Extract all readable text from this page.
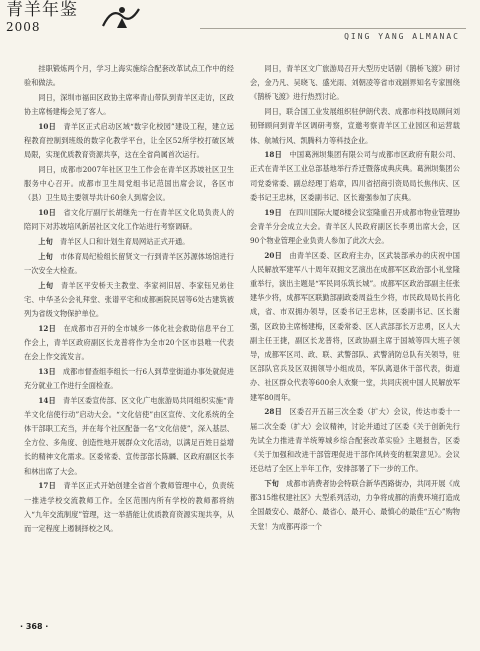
青羊年鉴
2008
QING YANG ALMANAC

挂职锻炼两个月，学习上海实施综合配套改革试点工作中的经验和做法。

同日，深圳市福田区政协主席率青山带队到青羊区走访，区政协主席杨建梅会见了客人。

10日  青羊区正式启动区域“数字化校园”建设工程，建立远程教育控制到班级的数字化教学平台，让全区52所学校打破区域局限，实现优质教育资源共享，这在全省尚属首次运行。

同日，成都市2007年社区卫生工作会在青羊区苏坡社区卫生服务中心召开。成都市卫生局党组书记范国出席会议，各区市（县）卫生局主要领导共计60余人到席会议。

10日  省文化厅副厅长胡继先一行在青羊区文化局负责人的陪同下对苏坡培风新居社区文化工作站进行考察调研。

上旬  青羊区人口和计划生育局网站正式开通。

上旬  市体育局纪检组长留贤文一行到青羊区苏源体场馆进行一次安全大检查。

上旬  青羊区平安桥天主教堂、李家祠旧居、李家钰兄弟住宅、中华圣公会礼拜堂、张谱平宅和成都画院民居等6处古建筑被列为省级文物保护单位。

12日  在成都市召开的全市城乡一体化社会救助信息平台工作会上，青羊区政府副区长龙普将作为全市20个区市县唯一代表在会上作交流发言。

13日  成都市督查组李组长一行6人到草堂街道办事处就促进充分就业工作进行全面检查。

14日  青羊区委宣传部、区文化广电旅游局共同组织实施“青羊文化信使行动”启动大会。“文化信使”由区宣传、文化系统的全体干部职工充当，并在每个社区配备一名“文化信使”，深入基层、全方位、多角度、创造性地开展群众文化活动，以满足百姓日益增长的精神文化需求。区委常委、宣传部部长陈麟、区政府副区长李和林出席了大会。

17日  青羊区正式开始创建全省首个教师管理中心，负责统一推进学校交流教师工作。全区范围内所有学校的教师都将纳入“九年交流制度”管理，这一举措能让优质教育资源实现共享，从而一定程度上遏制择校之风。

同日，青羊区文广旅游局召开大型历史话剧《鹊桥飞渡》研讨会，金乃凡、吴晓飞、盛光雨、刘朝凌等省市戏剧界知名专家围绕《鹊桥飞渡》进行热烈讨论。

同日，联合国工业发展组织驻伊朗代表、成都市科技局顾问刘韧铎顾问到青羊区调研考察，宣邀考察青羊区工业园区和运营载体、航城行风、凯腾科力等科技企业。

18日  中国葛洲坝集团有限公司与成都市区政府有限公司、正式在青羊区工业总部基地举行乔迁暨落成典庆典。葛洲坝集团公司党委常委、副总经理丁焰章，四川省招商引资局局长焦伟庆、区委书记王忠林，区委副书记、区长谢强参加了庆典。

19日  在四川国际大厦8楼会议室隆重召开成都市物业管理协会青羊分会成立大会。青羊区人民政府副区长李勇出席大会，区90个物业管理企业负责人参加了此次大会。

20日  由青羊区委、区政府主办，区武装部承办的庆祝中国人民解放军建军八十周年双拥文艺演出在成都军区政治部小礼堂隆重举行，演出主题是“军民同乐筑长城”。成都军区政治部副主任张建华少将，成都军区联勤部副政委周益生少将，市民政局局长肖化成，省、市双拥办领导，区委书记王忠林，区委副书记、区长谢强，区政协主席杨建梅，区委常委、区人武部部长万忠勇，区人大副主任王捷，副区长龙普将，区政协副主席于国城等四大班子领导，成都军区司、政、联、武警部队、武警消防总队有关领导，驻区部队官兵及区双拥领导小组成员，军队离退休干部代表，街道办、社区群众代表等600余人欢聚一堂，共同庆祝中国人民解放军建军80周年。

28日  区委召开五届三次全委（扩大）会议，传达市委十一届二次全委（扩大）会议精神，讨论并通过了区委《关于创新先行先试全力推进青羊统筹城乡综合配套改革实验》主题报告，区委《关于加强和改进干部管理促进干部作风转变的框架意见》。会议还总结了全区上半年工作，安排部署了下一步的工作。

下旬  成都市消费者协会特联合新华西路街办，共同开展《成都315维权建社区》大型系列活动，力争将成都的消费环境打造成全国最安心、最舒心、最省心、最开心、最慎心的最佳“五心”购物天堂！为成都再添一个

· 368 ·
